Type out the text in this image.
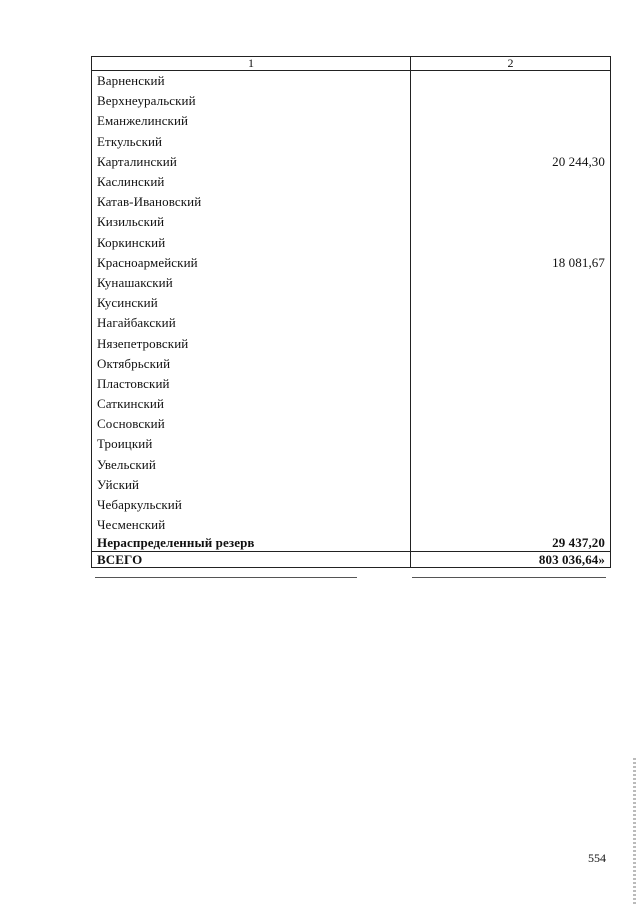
1	2
Варненский	
Верхнеуральский	
Еманжелинский	
Еткульский	
Карталинский	20 244,30
Каслинский	
Катав-Ивановский	
Кизильский	
Коркинский	
Красноармейский	18 081,67
Кунашакский	
Кусинский	
Нагайбакский	
Нязепетровский	
Октябрьский	
Пластовский	
Саткинский	
Сосновский	
Троицкий	
Увельский	
Уйский	
Чебаркульский	
Чесменский	
Нераспределенный резерв	29 437,20
ВСЕГО	803 036,64»
554
